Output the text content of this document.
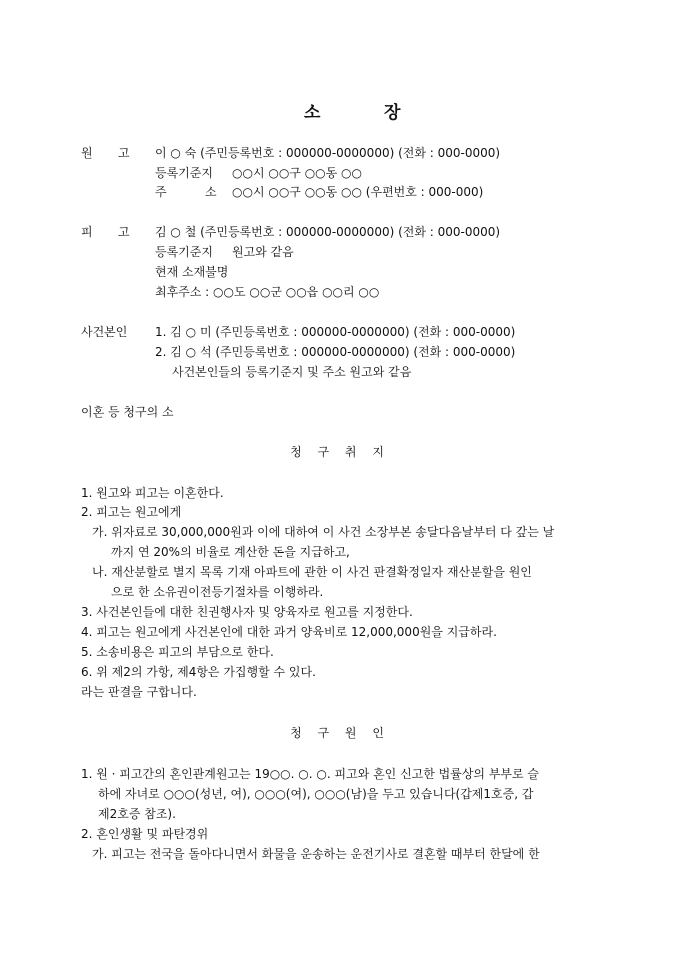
소	장
원 고 이 ○ 숙 (주민등록번호 : 000000-0000000) (전화 : 000-0000)
등록기준지 ○○시 ○○구 ○○동 ○○
주	소 ○○시 ○○구 ○○동 ○○ (우편번호 : 000-000)
피 고 김 ○ 철 (주민등록번호 : 000000-0000000) (전화 : 000-0000)
등록기준지 원고와 같음
현재 소재불명
최후주소 : ○○도 ○○군 ○○읍 ○○리 ○○
사건본인 1. 김 ○ 미 (주민등록번호 : 000000-0000000) (전화 : 000-0000)
2. 김 ○ 석 (주민등록번호 : 000000-0000000) (전화 : 000-0000)
사건본인들의 등록기준지 및 주소 원고와 같음
이혼 등 청구의 소
청 구 취 지
1. 원고와 피고는 이혼한다.
2. 피고는 원고에게
가. 위자료로 30,000,000원과 이에 대하여 이 사건 소장부본 송달다음날부터 다 갚는 날
까지 연 20%의 비율로 계산한 돈을 지급하고,
나. 재산분할로 별지 목록 기재 아파트에 관한 이 사건 판결확정일자 재산분할을 원인
으로 한 소유권이전등기절차를 이행하라.
3. 사건본인들에 대한 친권행사자 및 양육자로 원고를 지정한다.
4. 피고는 원고에게 사건본인에 대한 과거 양육비로 12,000,000원을 지급하라.
5. 소송비용은 피고의 부담으로 한다.
6. 위 제2의 가항, 제4항은 가집행할 수 있다.
라는 판결을 구합니다.
청 구 원 인
1. 원 · 피고간의 혼인관계원고는 19○○. ○. ○. 피고와 혼인 신고한 법률상의 부부로 슬
하에 자녀로 ○○○(성년, 여), ○○○(여), ○○○(남)을 두고 있습니다(갑제1호증, 갑
제2호증 참조).
2. 혼인생활 및 파탄경위
가. 피고는 전국을 돌아다니면서 화물을 운송하는 운전기사로 결혼할 때부터 한달에 한
